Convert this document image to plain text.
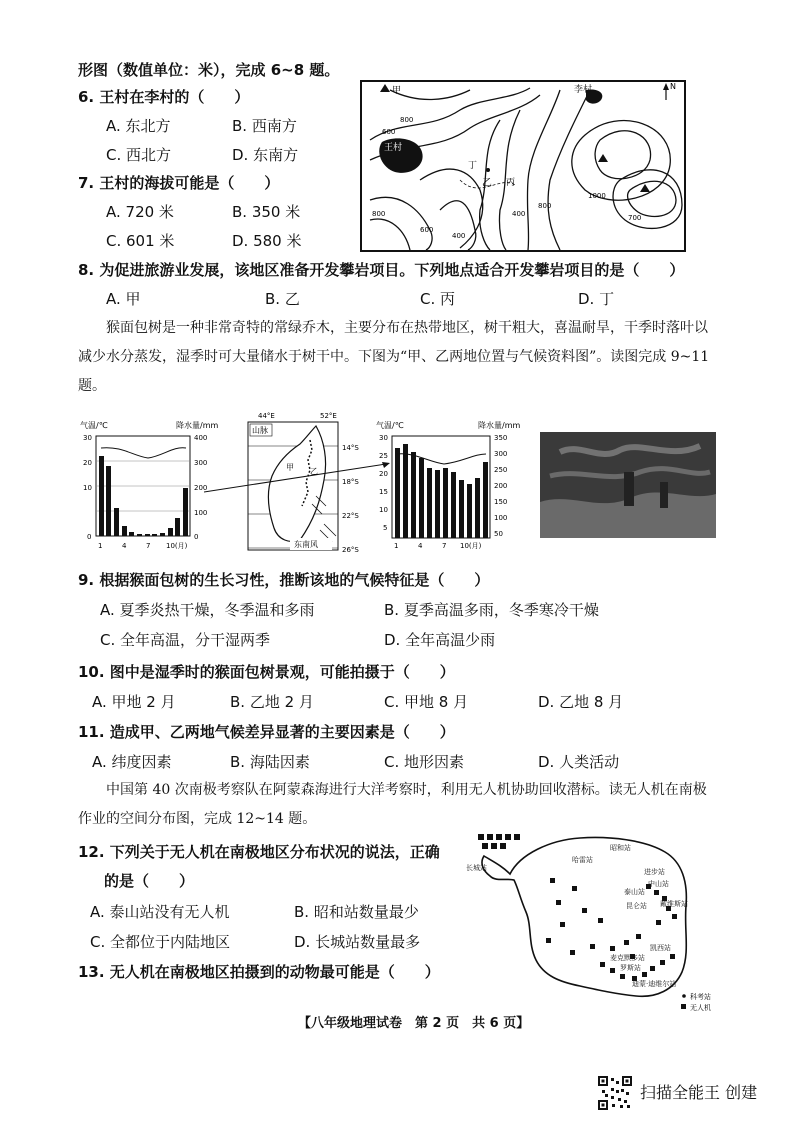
形图（数值单位：米），完成 6~8 题。
6. 王村在李村的（　　）
A. 东北方	B. 西南方
C. 西北方	D. 东南方
7. 王村的海拔可能是（　　）
A. 720 米	B. 350 米
C. 601 米	D. 580 米
王村
李村	N
甲
乙 丙
丁
800
600
800
600
400
800
1000
700
400
8. 为促进旅游业发展，该地区准备开发攀岩项目。下列地点适合开发攀岩项目的是（　　）
A. 甲	B. 乙	C. 丙	D. 丁
猴面包树是一种非常奇特的常绿乔木，主要分布在热带地区，树干粗大，喜温耐旱，干季时落叶以减少水分蒸发，湿季时可大量储水于树干中。下图为“甲、乙两地位置与气候资料图”。读图完成 9~11 题。
气温/℃	降水量/mm
30
20
10
0
400
300
200
100
0
1	4	7 10(月)
44°E	52°E
14°S
18°S
22°S
26°S
山脉
甲 乙
东南风
气温/℃	降水量/mm
30
25
20
15
10
5
350
300
250
200
150
100
50
1	4	7 10(月)
9. 根据猴面包树的生长习性，推断该地的气候特征是（　　）
A. 夏季炎热干燥，冬季温和多雨	B. 夏季高温多雨，冬季寒冷干燥
C. 全年高温，分干湿两季	D. 全年高温少雨
10. 图中是湿季时的猴面包树景观，可能拍摄于（　　）
A. 甲地 2 月	B. 乙地 2 月	C. 甲地 8 月	D. 乙地 8 月
11. 造成甲、乙两地气候差异显著的主要因素是（　　）
A. 纬度因素	B. 海陆因素	C. 地形因素	D. 人类活动
中国第 40 次南极考察队在阿蒙森海进行大洋考察时，利用无人机协助回收潜标。读无人机在南极作业的空间分布图，完成 12~14 题。
12. 下列关于无人机在南极地区分布状况的说法，正确
的是（　　）
A. 泰山站没有无人机	B. 昭和站数量最少
C. 全都位于内陆地区	D. 长城站数量最多
13. 无人机在南极地区拍摄到的动物最可能是（　　）
长城站
哈雷站
昭和站
进步站
中山站
泰山站
昆仑站 戴维斯站
凯西站
麦克默多站
罗斯站
迪蒙·迪维尔站
科考站
无人机
【八年级地理试卷　第 2 页　共 6 页】
扫描全能王 创建
